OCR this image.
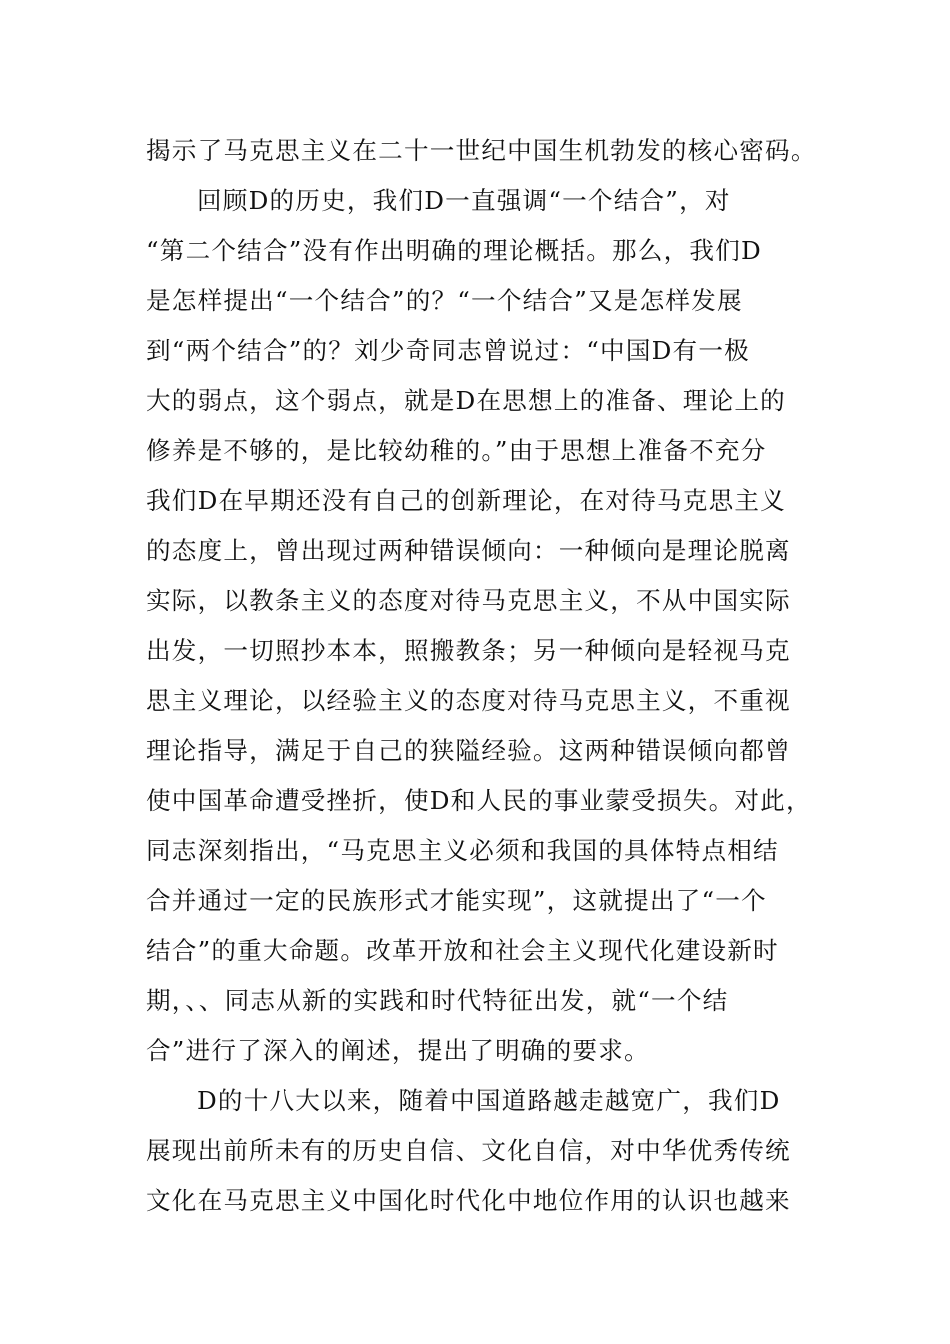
揭示了马克思主义在二十一世纪中国生机勃发的核心密码。
回顾D的历史，我们D一直强调“一个结合”，对
“第二个结合”没有作出明确的理论概括。那么，我们D
是怎样提出“一个结合”的？“一个结合”又是怎样发展
到“两个结合”的？刘少奇同志曾说过：“中国D有一极
大的弱点，这个弱点，就是D在思想上的准备、理论上的
修养是不够的，是比较幼稚的。”由于思想上准备不充分
我们D在早期还没有自己的创新理论，在对待马克思主义
的态度上，曾出现过两种错误倾向：一种倾向是理论脱离
实际，以教条主义的态度对待马克思主义，不从中国实际
出发，一切照抄本本，照搬教条；另一种倾向是轻视马克
思主义理论，以经验主义的态度对待马克思主义，不重视
理论指导，满足于自己的狭隘经验。这两种错误倾向都曾
使中国革命遭受挫折，使D和人民的事业蒙受损失。对此，
同志深刻指出，“马克思主义必须和我国的具体特点相结
合并通过一定的民族形式才能实现”，这就提出了“一个
结合”的重大命题。改革开放和社会主义现代化建设新时
期，、、同志从新的实践和时代特征出发，就“一个结
合”进行了深入的阐述，提出了明确的要求。
D的十八大以来，随着中国道路越走越宽广，我们D
展现出前所未有的历史自信、文化自信，对中华优秀传统
文化在马克思主义中国化时代化中地位作用的认识也越来
